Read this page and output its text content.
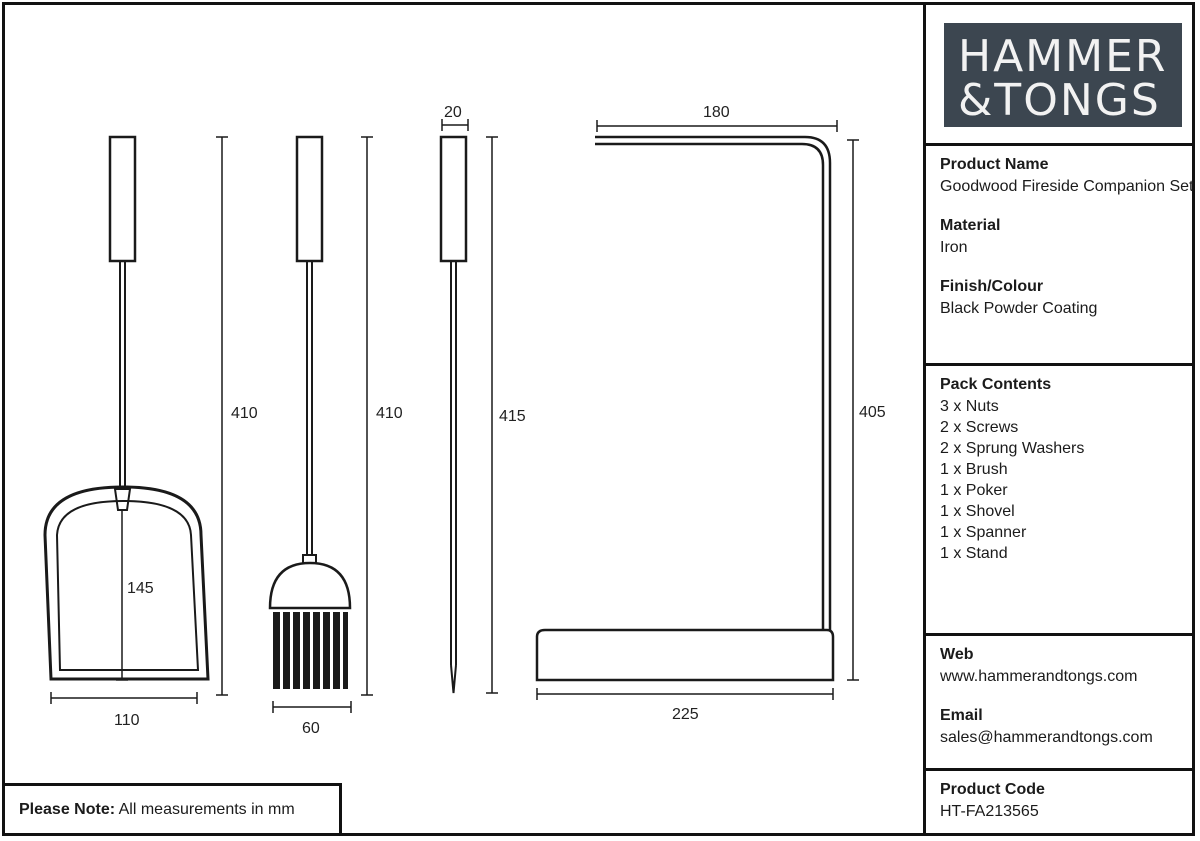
410
145
110
410
60
20
415
180
405
225
Please Note: All measurements in mm
HAMMER
&TONGS
Product Name
Goodwood Fireside Companion Set
Material
Iron
Finish/Colour
Black Powder Coating
Pack Contents
3 x Nuts
2 x Screws
2 x Sprung Washers
1 x Brush
1 x Poker
1 x Shovel
1 x Spanner
1 x Stand
Web
www.hammerandtongs.com
Email
sales@hammerandtongs.com
Product Code
HT-FA213565
